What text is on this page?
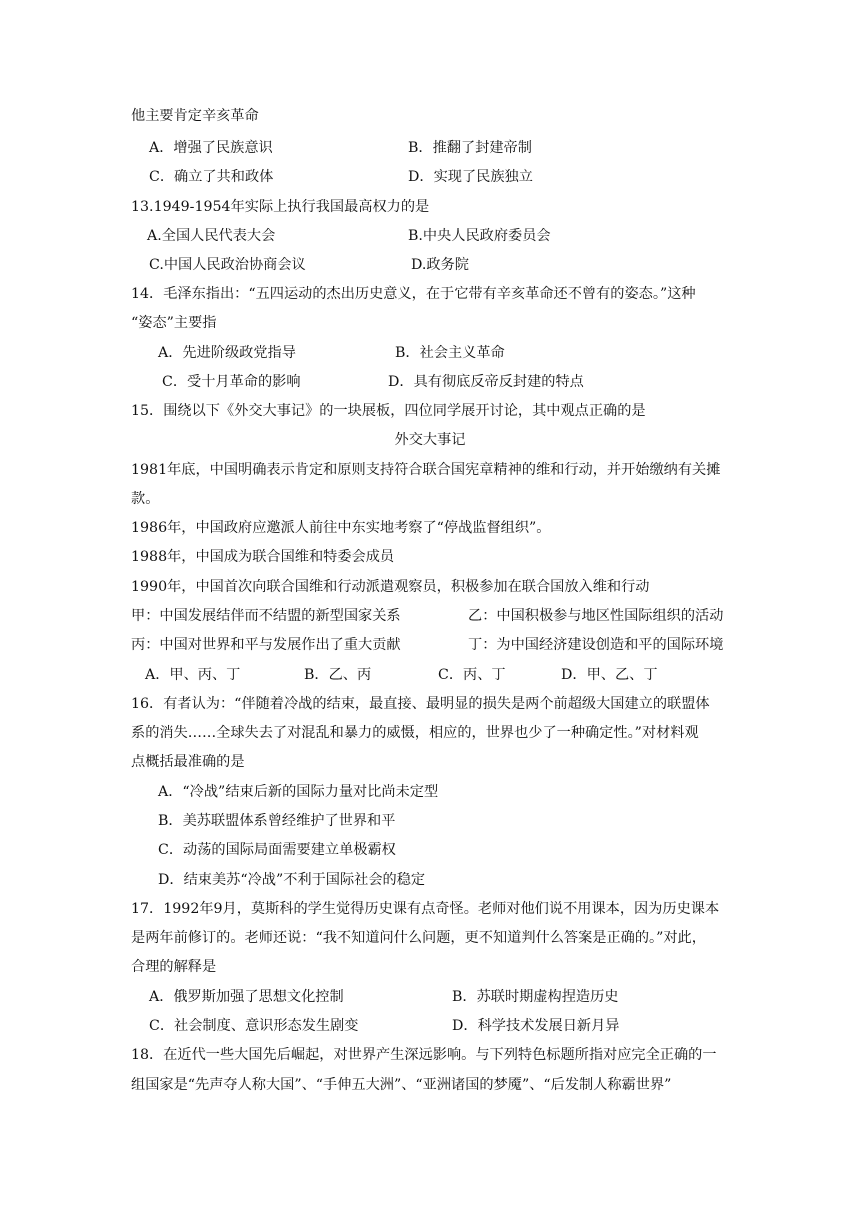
他主要肯定辛亥革命
A．增强了民族意识	B．推翻了封建帝制
C．确立了共和政体	D．实现了民族独立
13.1949-1954年实际上执行我国最高权力的是
A.全国人民代表大会	B.中央人民政府委员会
C.中国人民政治协商会议	D.政务院
14．毛泽东指出：“五四运动的杰出历史意义，在于它带有辛亥革命还不曾有的姿态。”这种
“姿态”主要指
A．先进阶级政党指导	B．社会主义革命
C．受十月革命的影响	D．具有彻底反帝反封建的特点
15．围绕以下《外交大事记》的一块展板，四位同学展开讨论，其中观点正确的是
外交大事记
1981年底，中国明确表示肯定和原则支持符合联合国宪章精神的维和行动，并开始缴纳有关摊
款。
1986年，中国政府应邀派人前往中东实地考察了“停战监督组织”。
1988年，中国成为联合国维和特委会成员
1990年，中国首次向联合国维和行动派遣观察员，积极参加在联合国放入维和行动
甲：中国发展结伴而不结盟的新型国家关系	乙：中国积极参与地区性国际组织的活动
丙：中国对世界和平与发展作出了重大贡献	丁：为中国经济建设创造和平的国际环境
A．甲、丙、丁	B．乙、丙	C．丙、丁	D．甲、乙、丁
16．有者认为：“伴随着冷战的结束，最直接、最明显的损失是两个前超级大国建立的联盟体
系的消失……全球失去了对混乱和暴力的威慑，相应的，世界也少了一种确定性。”对材料观
点概括最准确的是
A．“冷战”结束后新的国际力量对比尚未定型
B．美苏联盟体系曾经维护了世界和平
C．动荡的国际局面需要建立单极霸权
D．结束美苏“冷战”不利于国际社会的稳定
17．1992年9月，莫斯科的学生觉得历史课有点奇怪。老师对他们说不用课本，因为历史课本
是两年前修订的。老师还说：“我不知道问什么问题，更不知道判什么答案是正确的。”对此，
合理的解释是
A．俄罗斯加强了思想文化控制	B．苏联时期虚构捏造历史
C．社会制度、意识形态发生剧变	D．科学技术发展日新月异
18．在近代一些大国先后崛起，对世界产生深远影响。与下列特色标题所指对应完全正确的一
组国家是“先声夺人称大国”、“手伸五大洲”、“亚洲诸国的梦魇”、“后发制人称霸世界”
